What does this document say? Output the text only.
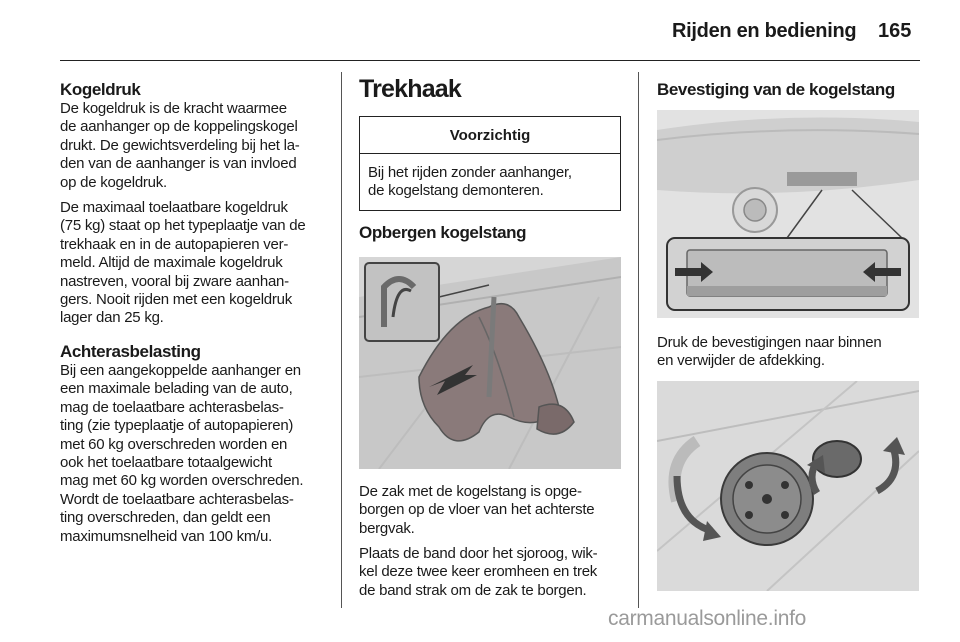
Rijden en bediening 165
Kogeldruk

De kogeldruk is de kracht waarmee
de aanhanger op de koppelingskogel
drukt. De gewichtsverdeling bij het la-
den van de aanhanger is van invloed
op de kogeldruk.

De maximaal toelaatbare kogeldruk
(75 kg) staat op het typeplaatje van de
trekhaak en in de autopapieren ver-
meld. Altijd de maximale kogeldruk
nastreven, vooral bij zware aanhan-
gers. Nooit rijden met een kogeldruk
lager dan 25 kg.

Achterasbelasting

Bij een aangekoppelde aanhanger en
een maximale belading van de auto,
mag de toelaatbare achterasbelas-
ting (zie typeplaatje of autopapieren)
met 60 kg overschreden worden en
ook het toelaatbare totaalgewicht
mag met 60 kg worden overschreden.
Wordt de toelaatbare achterasbelas-
ting overschreden, dan geldt een
maximumsnelheid van 100 km/u.

Trekhaak
Voorzichtig

Bij het rijden zonder aanhanger,
de kogelstang demonteren.

Opbergen kogelstang

De zak met de kogelstang is opge-
borgen op de vloer van het achterste
bergvak.

Plaats de band door het sjoroog, wik-
kel deze twee keer eromheen en trek
de band strak om de zak te borgen.

Bevestiging van de kogelstang

Druk de bevestigingen naar binnen
en verwijder de afdekking.

carmanualsonline.info
